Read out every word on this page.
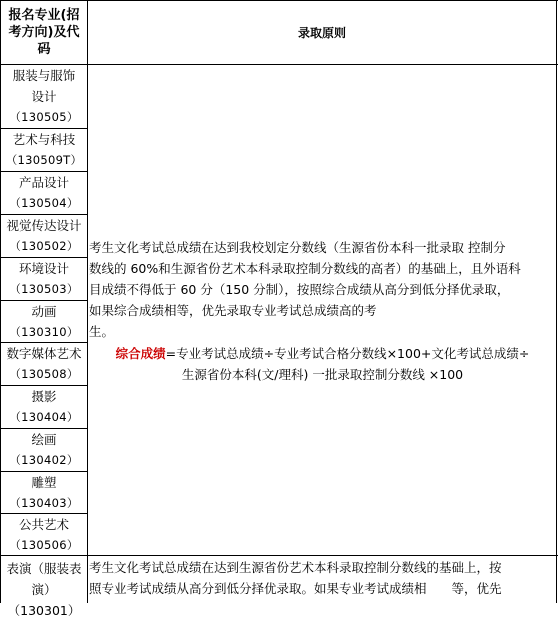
报名专业(招考方向)及代码
录取原则
服装与服饰设计
（130505）
艺术与科技
（130509T）
产品设计
（130504）
视觉传达设计
（130502）
环境设计
（130503）
动画
（130310）
数字媒体艺术
（130508）
摄影
（130404）
绘画
（130402）
雕塑
（130403）
公共艺术
（130506）
考生文化考试总成绩在达到我校划定分数线（生源省份本科一批录取 控制分
数线的 60%和生源省份艺术本科录取控制分数线的高者）的基础上，且外语科
目成绩不得低于 60 分（150 分制），按照综合成绩从高分到低分择优录取，
如果综合成绩相等，优先录取专业考试总成绩高的考
生。
综合成绩=专业考试总成绩÷专业考试合格分数线×100+文化考试总成绩÷
生源省份本科(文/理科) 一批录取控制分数线 ×100
表演（服装表演）（130301）
考生文化考试总成绩在达到生源省份艺术本科录取控制分数线的基础上，按
照专业考试成绩从高分到低分择优录取。如果专业考试成绩相　　等，优先
